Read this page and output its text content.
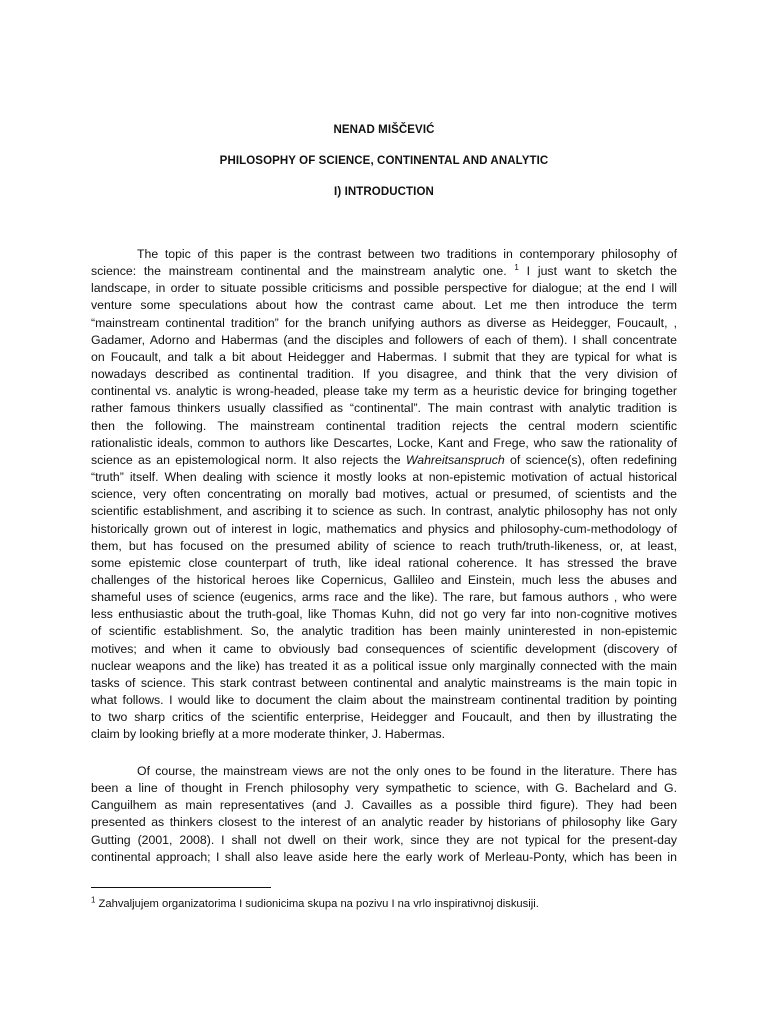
NENAD MIŠČEVIĆ
PHILOSOPHY OF SCIENCE, CONTINENTAL AND ANALYTIC
I) INTRODUCTION

The topic of this paper is the contrast between two traditions in contemporary philosophy of
science: the mainstream continental and the mainstream analytic one. $^1$ I just want to sketch the
landscape, in order to situate possible criticisms and possible perspective for dialogue; at the end I will
venture some speculations about how the contrast came about. Let me then introduce the term
“mainstream continental tradition” for the branch unifying authors as diverse as Heidegger, Foucault, ,
Gadamer, Adorno and Habermas (and the disciples and followers of each of them). I shall concentrate
on Foucault, and talk a bit about Heidegger and Habermas. I submit that they are typical for what is
nowadays described as continental tradition. If you disagree, and think that the very division of
continental vs. analytic is wrong-headed, please take my term as a heuristic device for bringing together
rather famous thinkers usually classified as “continental”. The main contrast with analytic tradition is
then the following. The mainstream continental tradition rejects the central modern scientific
rationalistic ideals, common to authors like Descartes, Locke, Kant and Frege, who saw the rationality of
science as an epistemological norm. It also rejects the Wahreitsanspruch of science(s), often redefining
“truth” itself. When dealing with science it mostly looks at non-epistemic motivation of actual historical
science, very often concentrating on morally bad motives, actual or presumed, of scientists and the
scientific establishment, and ascribing it to science as such. In contrast, analytic philosophy has not only
historically grown out of interest in logic, mathematics and physics and philosophy-cum-methodology of
them, but has focused on the presumed ability of science to reach truth/truth-likeness, or, at least,
some epistemic close counterpart of truth, like ideal rational coherence. It has stressed the brave
challenges of the historical heroes like Copernicus, Gallileo and Einstein, much less the abuses and
shameful uses of science (eugenics, arms race and the like). The rare, but famous authors , who were
less enthusiastic about the truth-goal, like Thomas Kuhn, did not go very far into non-cognitive motives
of scientific establishment. So, the analytic tradition has been mainly uninterested in non-epistemic
motives; and when it came to obviously bad consequences of scientific development (discovery of
nuclear weapons and the like) has treated it as a political issue only marginally connected with the main
tasks of science. This stark contrast between continental and analytic mainstreams is the main topic in
what follows. I would like to document the claim about the mainstream continental tradition by pointing
to two sharp critics of the scientific enterprise, Heidegger and Foucault, and then by illustrating the
claim by looking briefly at a more moderate thinker, J. Habermas.

Of course, the mainstream views are not the only ones to be found in the literature. There has
been a line of thought in French philosophy very sympathetic to science, with G. Bachelard and G.
Canguilhem as main representatives (and J. Cavailles as a possible third figure). They had been
presented as thinkers closest to the interest of an analytic reader by historians of philosophy like Gary
Gutting (2001, 2008). I shall not dwell on their work, since they are not typical for the present-day
continental approach; I shall also leave aside here the early work of Merleau-Ponty, which has been in

$^1$ Zahvaljujem organizatorima I sudionicima skupa na pozivu I na vrlo inspirativnoj diskusiji.
